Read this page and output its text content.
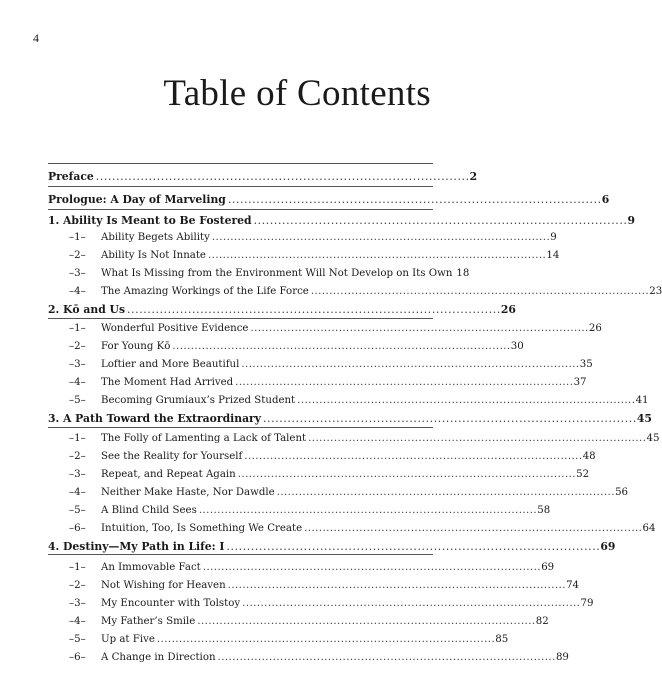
4
Table of Contents
Preface . . .	2
Prologue: A Day of Marveling . . .	6
1. Ability Is Meant to Be Fostered . . .	9
–1–	Ability Begets Ability . . .	9
–2–	Ability Is Not Innate . . .	14
–3–	What Is Missing from the Environment Will Not Develop on Its Own 18
–4–	The Amazing Workings of the Life Force . . .	23
2. Kō and Us . . .	26
–1–	Wonderful Positive Evidence . . .	26
–2–	For Young Kō . . .	30
–3–	Loftier and More Beautiful . . .	35
–4–	The Moment Had Arrived . . .	37
–5–	Becoming Grumiaux’s Prized Student . . .	41
3. A Path Toward the Extraordinary . . .	45
–1–	The Folly of Lamenting a Lack of Talent . . .	45
–2–	See the Reality for Yourself . . .	48
–3–	Repeat, and Repeat Again . . .	52
–4–	Neither Make Haste, Nor Dawdle . . .	56
–5–	A Blind Child Sees . . .	58
–6–	Intuition, Too, Is Something We Create . . .	64
4. Destiny—My Path in Life: I . . .	69
–1–	An Immovable Fact . . .	69
–2–	Not Wishing for Heaven . . .	74
–3–	My Encounter with Tolstoy . . .	79
–4–	My Father’s Smile . . .	82
–5–	Up at Five . . .	85
–6–	A Change in Direction . . .	89
